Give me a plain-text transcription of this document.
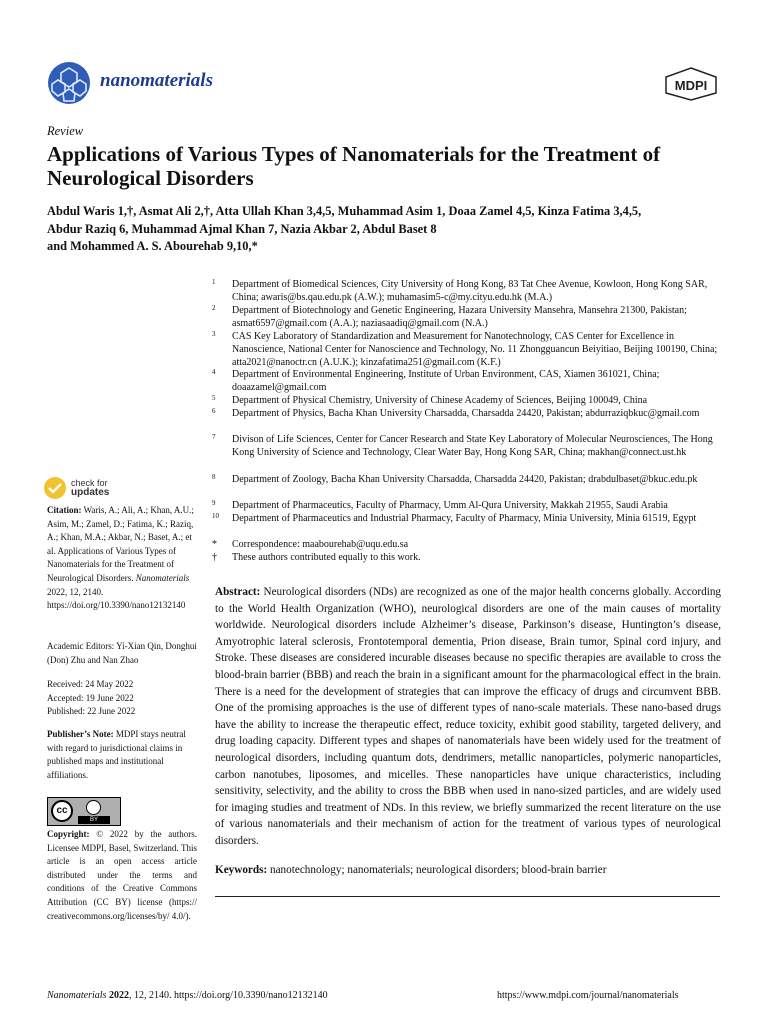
nanomaterials	MDPI
Review
Applications of Various Types of Nanomaterials for the Treatment of Neurological Disorders
Abdul Waris 1,†, Asmat Ali 2,†, Atta Ullah Khan 3,4,5, Muhammad Asim 1, Doaa Zamel 4,5, Kinza Fatima 3,4,5,
Abdur Raziq 6, Muhammad Ajmal Khan 7, Nazia Akbar 2, Abdul Baset 8
and Mohammed A. S. Abourehab 9,10,*
1 Department of Biomedical Sciences, City University of Hong Kong, 83 Tat Chee Avenue, Kowloon, Hong Kong SAR, China; awaris@bs.qau.edu.pk (A.W.); muhamasim5-c@my.cityu.edu.hk (M.A.)
2 Department of Biotechnology and Genetic Engineering, Hazara University Mansehra, Mansehra 21300, Pakistan; asmat6597@gmail.com (A.A.); naziasaadiq@gmail.com (N.A.)
3 CAS Key Laboratory of Standardization and Measurement for Nanotechnology, CAS Center for Excellence in Nanoscience, National Center for Nanoscience and Technology, No. 11 Zhongguancun Beiyitiao, Beijing 100190, China; atta2021@nanoctr.cn (A.U.K.); kinzafatima251@gmail.com (K.F.)
4 Department of Environmental Engineering, Institute of Urban Environment, CAS, Xiamen 361021, China; doaazamel@gmail.com
5 Department of Physical Chemistry, University of Chinese Academy of Sciences, Beijing 100049, China
6 Department of Physics, Bacha Khan University Charsadda, Charsadda 24420, Pakistan; abdurraziqbkuc@gmail.com
7 Divison of Life Sciences, Center for Cancer Research and State Key Laboratory of Molecular Neurosciences, The Hong Kong University of Science and Technology, Clear Water Bay, Hong Kong SAR, China; makhan@connect.ust.hk
8 Department of Zoology, Bacha Khan University Charsadda, Charsadda 24420, Pakistan; drabdulbaset@bkuc.edu.pk
9 Department of Pharmaceutics, Faculty of Pharmacy, Umm Al-Qura University, Makkah 21955, Saudi Arabia
10 Department of Pharmaceutics and Industrial Pharmacy, Faculty of Pharmacy, Minia University, Minia 61519, Egypt
* Correspondence: maabourehab@uqu.edu.sa
† These authors contributed equally to this work.
check for
updates
Citation: Waris, A.; Ali, A.; Khan, A.U.; Asim, M.; Zamel, D.; Fatima, K.; Raziq, A.; Khan, M.A.; Akbar, N.; Baset, A.; et al. Applications of Various Types of Nanomaterials for the Treatment of Neurological Disorders. Nanomaterials 2022, 12, 2140. https://doi.org/10.3390/nano12132140
Academic Editors: Yi-Xian Qin, Donghui (Don) Zhu and Nan Zhao
Received: 24 May 2022
Accepted: 19 June 2022
Published: 22 June 2022
Publisher’s Note: MDPI stays neutral with regard to jurisdictional claims in published maps and institutional affiliations.
cc
BY
Copyright: © 2022 by the authors. Licensee MDPI, Basel, Switzerland. This article is an open access article distributed under the terms and conditions of the Creative Commons Attribution (CC BY) license (https:// creativecommons.org/licenses/by/ 4.0/).
Abstract: Neurological disorders (NDs) are recognized as one of the major health concerns globally. According to the World Health Organization (WHO), neurological disorders are one of the main causes of mortality worldwide. Neurological disorders include Alzheimer’s disease, Parkinson’s disease, Huntington’s disease, Amyotrophic lateral sclerosis, Frontotemporal dementia, Prion disease, Brain tumor, Spinal cord injury, and Stroke. These diseases are considered incurable diseases because no specific therapies are available to cross the blood-brain barrier (BBB) and reach the brain in a significant amount for the pharmacological effect in the brain. There is a need for the development of strategies that can improve the efficacy of drugs and circumvent BBB. One of the promising approaches is the use of different types of nano-scale materials. These nano-based drugs have the ability to increase the therapeutic effect, reduce toxicity, exhibit good stability, targeted delivery, and drug loading capacity. Different types and shapes of nanomaterials have been widely used for the treatment of neurological disorders, including quantum dots, dendrimers, metallic nanoparticles, polymeric nanoparticles, carbon nanotubes, liposomes, and micelles. These nanoparticles have unique characteristics, including sensitivity, selectivity, and the ability to cross the BBB when used in nano-sized particles, and are widely used for imaging studies and treatment of NDs. In this review, we briefly summarized the recent literature on the use of various nanomaterials and their mechanism of action for the treatment of various types of neurological disorders.
Keywords: nanotechnology; nanomaterials; neurological disorders; blood-brain barrier
Nanomaterials 2022, 12, 2140. https://doi.org/10.3390/nano12132140	https://www.mdpi.com/journal/nanomaterials
